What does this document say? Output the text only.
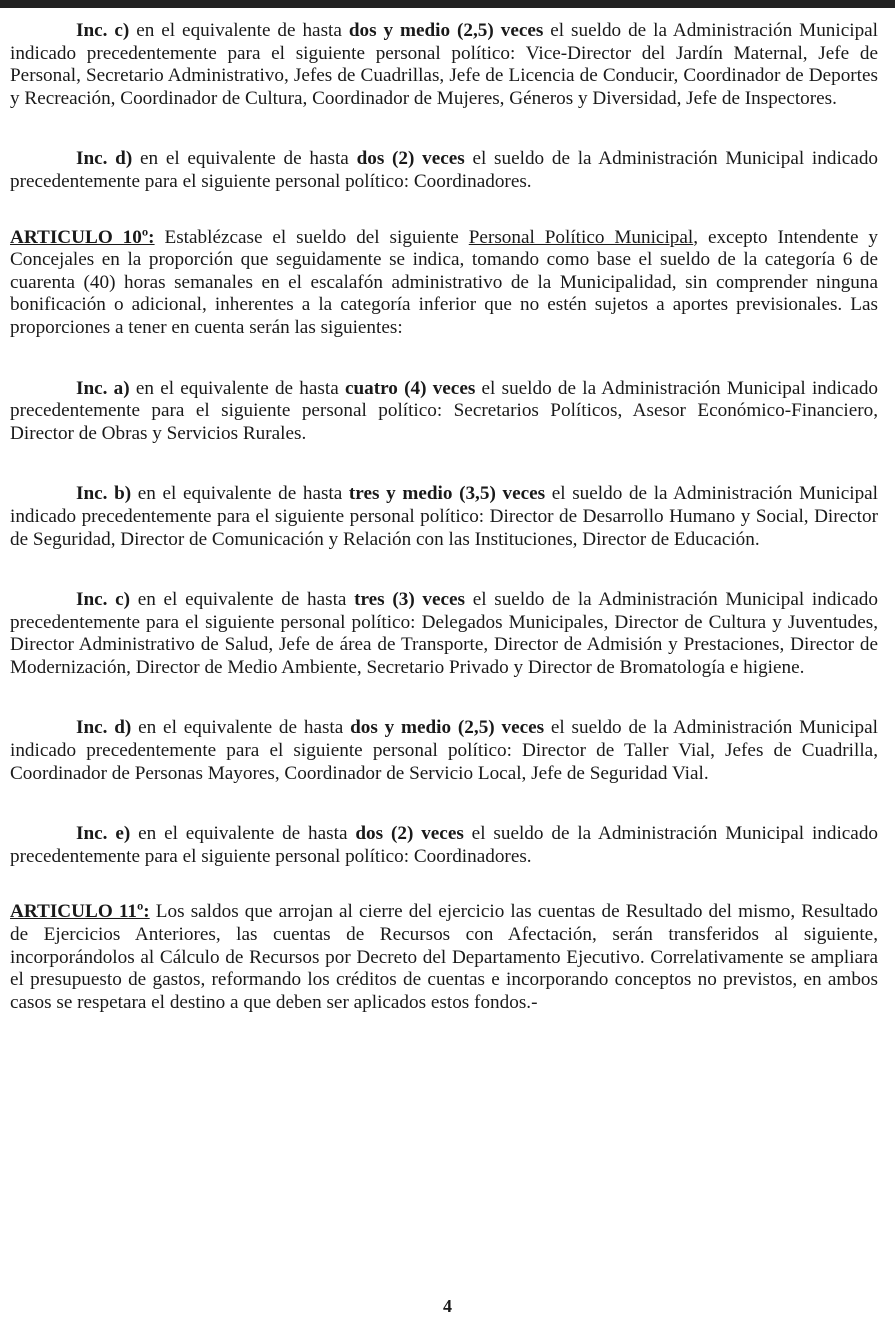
Inc. c) en el equivalente de hasta dos y medio (2,5) veces el sueldo de la Administración Municipal indicado precedentemente para el siguiente personal político: Vice-Director del Jardín Maternal, Jefe de Personal, Secretario Administrativo, Jefes de Cuadrillas, Jefe de Licencia de Conducir, Coordinador de Deportes y Recreación, Coordinador de Cultura, Coordinador de Mujeres, Géneros y Diversidad, Jefe de Inspectores.

Inc. d) en el equivalente de hasta dos (2) veces el sueldo de la Administración Municipal indicado precedentemente para el siguiente personal político: Coordinadores.

ARTICULO 10º: Establézcase el sueldo del siguiente Personal Político Municipal, excepto Intendente y Concejales en la proporción que seguidamente se indica, tomando como base el sueldo de la categoría 6 de cuarenta (40) horas semanales en el escalafón administrativo de la Municipalidad, sin comprender ninguna bonificación o adicional, inherentes a la categoría inferior que no estén sujetos a aportes previsionales. Las proporciones a tener en cuenta serán las siguientes:

Inc. a) en el equivalente de hasta cuatro (4) veces el sueldo de la Administración Municipal indicado precedentemente para el siguiente personal político: Secretarios Políticos, Asesor Económico-Financiero, Director de Obras y Servicios Rurales.

Inc. b) en el equivalente de hasta tres y medio (3,5) veces el sueldo de la Administración Municipal indicado precedentemente para el siguiente personal político: Director de Desarrollo Humano y Social, Director de Seguridad, Director de Comunicación y Relación con las Instituciones, Director de Educación.

Inc. c) en el equivalente de hasta tres (3) veces el sueldo de la Administración Municipal indicado precedentemente para el siguiente personal político: Delegados Municipales, Director de Cultura y Juventudes, Director Administrativo de Salud, Jefe de área de Transporte, Director de Admisión y Prestaciones, Director de Modernización, Director de Medio Ambiente, Secretario Privado y Director de Bromatología e higiene.

Inc. d) en el equivalente de hasta dos y medio (2,5) veces el sueldo de la Administración Municipal indicado precedentemente para el siguiente personal político: Director de Taller Vial, Jefes de Cuadrilla, Coordinador de Personas Mayores, Coordinador de Servicio Local, Jefe de Seguridad Vial.

Inc. e) en el equivalente de hasta dos (2) veces el sueldo de la Administración Municipal indicado precedentemente para el siguiente personal político: Coordinadores.

ARTICULO 11º: Los saldos que arrojan al cierre del ejercicio las cuentas de Resultado del mismo, Resultado de Ejercicios Anteriores, las cuentas de Recursos con Afectación, serán transferidos al siguiente, incorporándolos al Cálculo de Recursos por Decreto del Departamento Ejecutivo. Correlativamente se ampliara el presupuesto de gastos, reformando los créditos de cuentas e incorporando conceptos no previstos, en ambos casos se respetara el destino a que deben ser aplicados estos fondos.-

4
